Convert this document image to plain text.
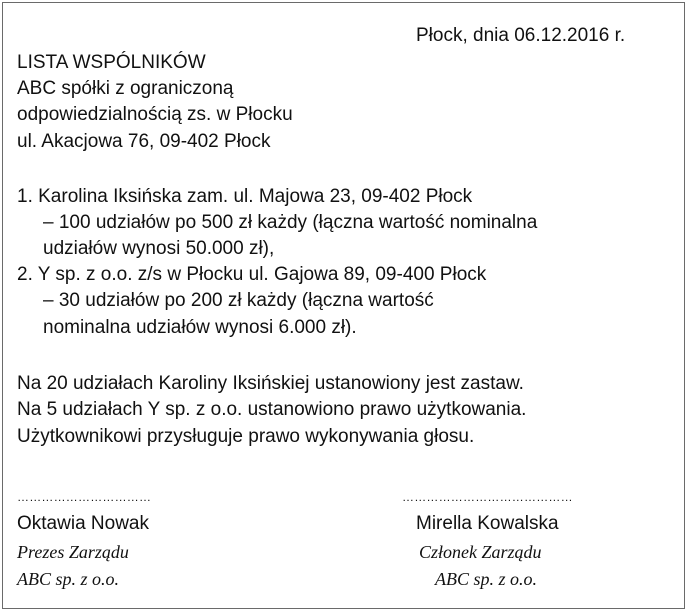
Płock, dnia 06.12.2016 r.
LISTA WSPÓLNIKÓW
ABC spółki z ograniczoną
odpowiedzialnością zs. w Płocku
ul. Akacjowa 76, 09-402 Płock
1. Karolina Iksińska zam. ul. Majowa 23, 09-402 Płock
– 100 udziałów po 500 zł każdy (łączna wartość nominalna
udziałów wynosi 50.000 zł),
2. Y sp. z o.o. z/s w Płocku ul. Gajowa 89, 09-400 Płock
– 30 udziałów po 200 zł każdy (łączna wartość
nominalna udziałów wynosi 6.000 zł).
Na 20 udziałach Karoliny Iksińskiej ustanowiony jest zastaw.
Na 5 udziałach Y sp. z o.o. ustanowiono prawo użytkowania.
Użytkownikowi przysługuje prawo wykonywania głosu.
……………………………	……………………………………
Oktawia Nowak
Prezes Zarządu
ABC sp. z o.o.
Mirella Kowalska
Członek Zarządu
ABC sp. z o.o.
